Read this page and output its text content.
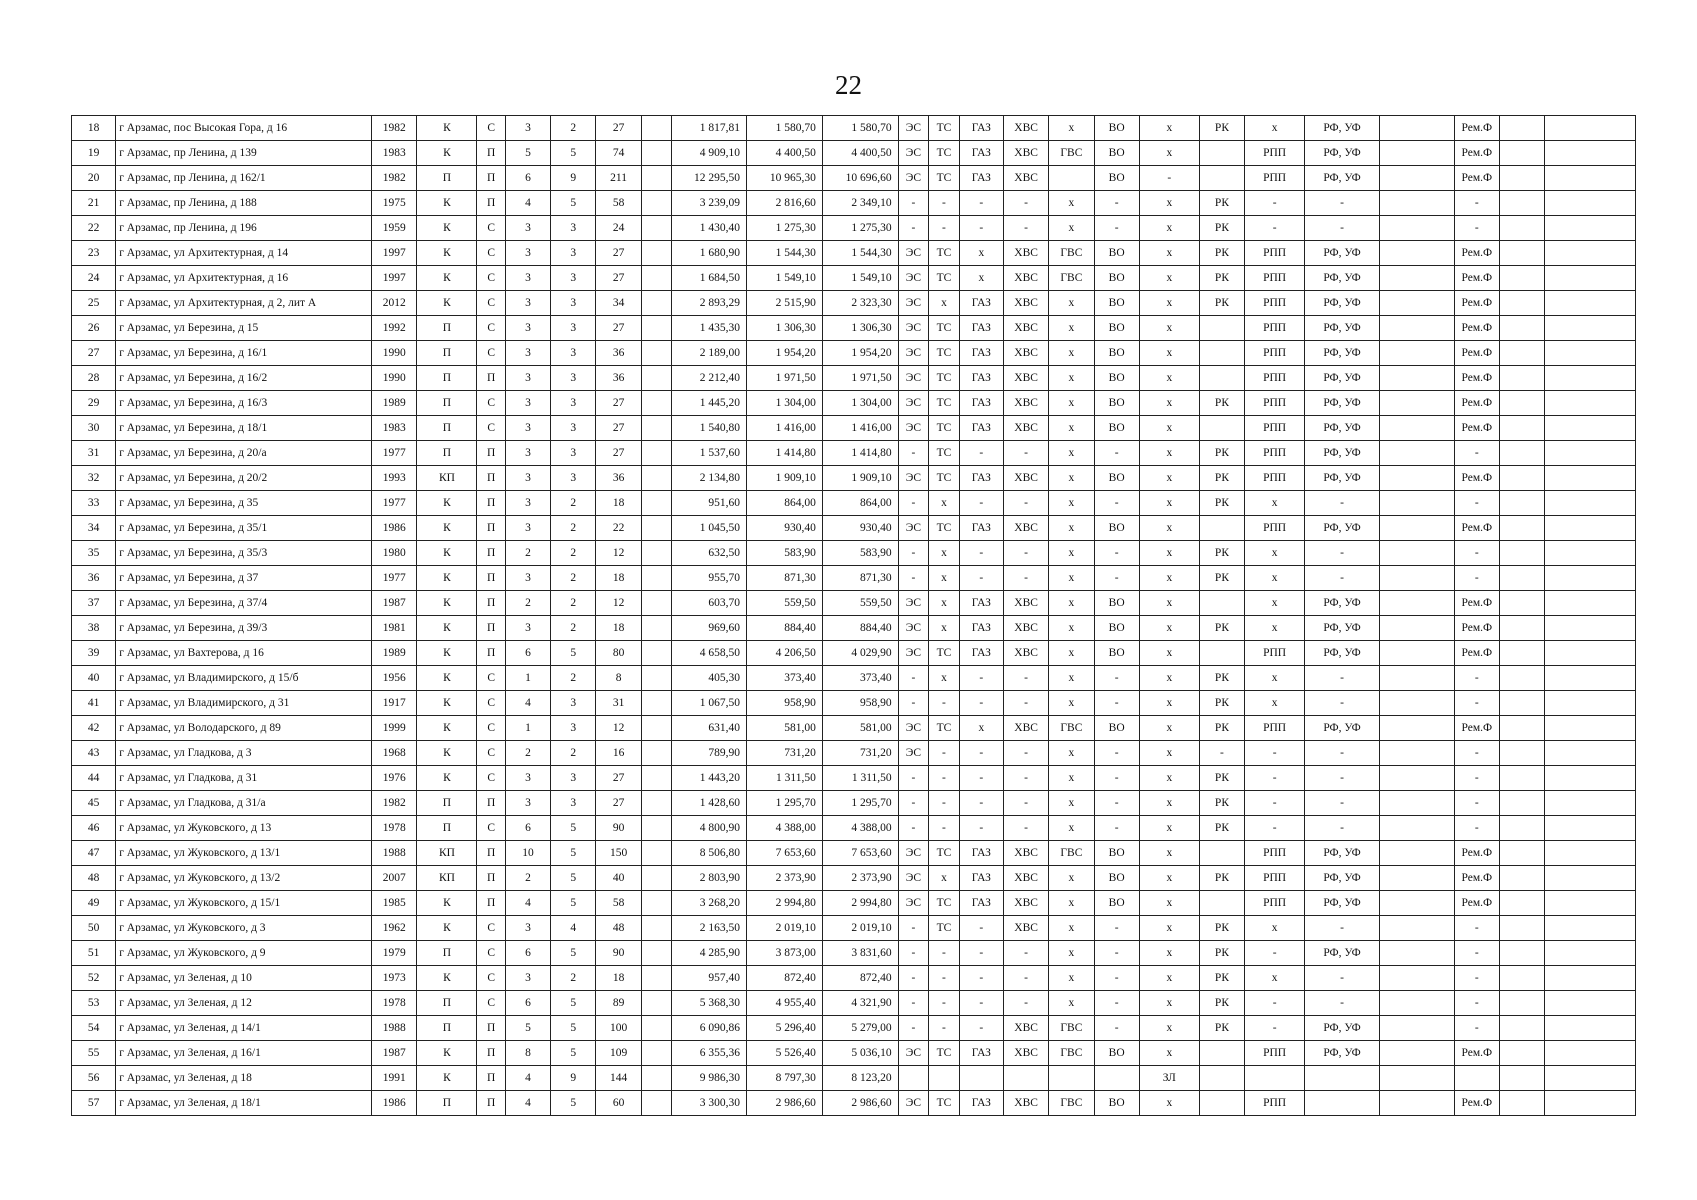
22
18	г Арзамас, пос Высокая Гора, д 16	1982	К	С	3	2	27		1 817,81	1 580,70	1 580,70	ЭС	ТС	ГАЗ	ХВС	х	ВО	х	РК	х	РФ, УФ		Рем.Ф		
19	г Арзамас, пр Ленина, д 139	1983	К	П	5	5	74		4 909,10	4 400,50	4 400,50	ЭС	ТС	ГАЗ	ХВС	ГВС	ВО	х		РПП	РФ, УФ		Рем.Ф		
20	г Арзамас, пр Ленина, д 162/1	1982	П	П	6	9	211		12 295,50	10 965,30	10 696,60	ЭС	ТС	ГАЗ	ХВС		ВО	-		РПП	РФ, УФ		Рем.Ф		
21	г Арзамас, пр Ленина, д 188	1975	К	П	4	5	58		3 239,09	2 816,60	2 349,10	-	-	-	-	х	-	х	РК	-	-		-		
22	г Арзамас, пр Ленина, д 196	1959	К	С	3	3	24		1 430,40	1 275,30	1 275,30	-	-	-	-	х	-	х	РК	-	-		-		
23	г Арзамас, ул Архитектурная, д 14	1997	К	С	3	3	27		1 680,90	1 544,30	1 544,30	ЭС	ТС	х	ХВС	ГВС	ВО	х	РК	РПП	РФ, УФ		Рем.Ф		
24	г Арзамас, ул Архитектурная, д 16	1997	К	С	3	3	27		1 684,50	1 549,10	1 549,10	ЭС	ТС	х	ХВС	ГВС	ВО	х	РК	РПП	РФ, УФ		Рем.Ф		
25	г Арзамас, ул Архитектурная, д 2, лит А	2012	К	С	3	3	34		2 893,29	2 515,90	2 323,30	ЭС	х	ГАЗ	ХВС	х	ВО	х	РК	РПП	РФ, УФ		Рем.Ф		
26	г Арзамас, ул Березина, д 15	1992	П	С	3	3	27		1 435,30	1 306,30	1 306,30	ЭС	ТС	ГАЗ	ХВС	х	ВО	х		РПП	РФ, УФ		Рем.Ф		
27	г Арзамас, ул Березина, д 16/1	1990	П	С	3	3	36		2 189,00	1 954,20	1 954,20	ЭС	ТС	ГАЗ	ХВС	х	ВО	х		РПП	РФ, УФ		Рем.Ф		
28	г Арзамас, ул Березина, д 16/2	1990	П	П	3	3	36		2 212,40	1 971,50	1 971,50	ЭС	ТС	ГАЗ	ХВС	х	ВО	х		РПП	РФ, УФ		Рем.Ф		
29	г Арзамас, ул Березина, д 16/3	1989	П	С	3	3	27		1 445,20	1 304,00	1 304,00	ЭС	ТС	ГАЗ	ХВС	х	ВО	х	РК	РПП	РФ, УФ		Рем.Ф		
30	г Арзамас, ул Березина, д 18/1	1983	П	С	3	3	27		1 540,80	1 416,00	1 416,00	ЭС	ТС	ГАЗ	ХВС	х	ВО	х		РПП	РФ, УФ		Рем.Ф		
31	г Арзамас, ул Березина, д 20/а	1977	П	П	3	3	27		1 537,60	1 414,80	1 414,80	-	ТС	-	-	х	-	х	РК	РПП	РФ, УФ		-		
32	г Арзамас, ул Березина, д 20/2	1993	КП	П	3	3	36		2 134,80	1 909,10	1 909,10	ЭС	ТС	ГАЗ	ХВС	х	ВО	х	РК	РПП	РФ, УФ		Рем.Ф		
33	г Арзамас, ул Березина, д 35	1977	К	П	3	2	18		951,60	864,00	864,00	-	х	-	-	х	-	х	РК	х	-		-		
34	г Арзамас, ул Березина, д 35/1	1986	К	П	3	2	22		1 045,50	930,40	930,40	ЭС	ТС	ГАЗ	ХВС	х	ВО	х		РПП	РФ, УФ		Рем.Ф		
35	г Арзамас, ул Березина, д 35/3	1980	К	П	2	2	12		632,50	583,90	583,90	-	х	-	-	х	-	х	РК	х	-		-		
36	г Арзамас, ул Березина, д 37	1977	К	П	3	2	18		955,70	871,30	871,30	-	х	-	-	х	-	х	РК	х	-		-		
37	г Арзамас, ул Березина, д 37/4	1987	К	П	2	2	12		603,70	559,50	559,50	ЭС	х	ГАЗ	ХВС	х	ВО	х		х	РФ, УФ		Рем.Ф		
38	г Арзамас, ул Березина, д 39/3	1981	К	П	3	2	18		969,60	884,40	884,40	ЭС	х	ГАЗ	ХВС	х	ВО	х	РК	х	РФ, УФ		Рем.Ф		
39	г Арзамас, ул Вахтерова, д 16	1989	К	П	6	5	80		4 658,50	4 206,50	4 029,90	ЭС	ТС	ГАЗ	ХВС	х	ВО	х		РПП	РФ, УФ		Рем.Ф		
40	г Арзамас, ул Владимирского, д 15/б	1956	К	С	1	2	8		405,30	373,40	373,40	-	х	-	-	х	-	х	РК	х	-		-		
41	г Арзамас, ул Владимирского, д 31	1917	К	С	4	3	31		1 067,50	958,90	958,90	-	-	-	-	х	-	х	РК	х	-		-		
42	г Арзамас, ул Володарского, д 89	1999	К	С	1	3	12		631,40	581,00	581,00	ЭС	ТС	х	ХВС	ГВС	ВО	х	РК	РПП	РФ, УФ		Рем.Ф		
43	г Арзамас, ул Гладкова, д 3	1968	К	С	2	2	16		789,90	731,20	731,20	ЭС	-	-	-	х	-	х	-	-	-		-		
44	г Арзамас, ул Гладкова, д 31	1976	К	С	3	3	27		1 443,20	1 311,50	1 311,50	-	-	-	-	х	-	х	РК	-	-		-		
45	г Арзамас, ул Гладкова, д 31/а	1982	П	П	3	3	27		1 428,60	1 295,70	1 295,70	-	-	-	-	х	-	х	РК	-	-		-		
46	г Арзамас, ул Жуковского, д 13	1978	П	С	6	5	90		4 800,90	4 388,00	4 388,00	-	-	-	-	х	-	х	РК	-	-		-		
47	г Арзамас, ул Жуковского, д 13/1	1988	КП	П	10	5	150		8 506,80	7 653,60	7 653,60	ЭС	ТС	ГАЗ	ХВС	ГВС	ВО	х		РПП	РФ, УФ		Рем.Ф		
48	г Арзамас, ул Жуковского, д 13/2	2007	КП	П	2	5	40		2 803,90	2 373,90	2 373,90	ЭС	х	ГАЗ	ХВС	х	ВО	х	РК	РПП	РФ, УФ		Рем.Ф		
49	г Арзамас, ул Жуковского, д 15/1	1985	К	П	4	5	58		3 268,20	2 994,80	2 994,80	ЭС	ТС	ГАЗ	ХВС	х	ВО	х		РПП	РФ, УФ		Рем.Ф		
50	г Арзамас, ул Жуковского, д 3	1962	К	С	3	4	48		2 163,50	2 019,10	2 019,10	-	ТС	-	ХВС	х	-	х	РК	х	-		-		
51	г Арзамас, ул Жуковского, д 9	1979	П	С	6	5	90		4 285,90	3 873,00	3 831,60	-	-	-	-	х	-	х	РК	-	РФ, УФ		-		
52	г Арзамас, ул Зеленая, д 10	1973	К	С	3	2	18		957,40	872,40	872,40	-	-	-	-	х	-	х	РК	х	-		-		
53	г Арзамас, ул Зеленая, д 12	1978	П	С	6	5	89		5 368,30	4 955,40	4 321,90	-	-	-	-	х	-	х	РК	-	-		-		
54	г Арзамас, ул Зеленая, д 14/1	1988	П	П	5	5	100		6 090,86	5 296,40	5 279,00	-	-	-	ХВС	ГВС	-	х	РК	-	РФ, УФ		-		
55	г Арзамас, ул Зеленая, д 16/1	1987	К	П	8	5	109		6 355,36	5 526,40	5 036,10	ЭС	ТС	ГАЗ	ХВС	ГВС	ВО	х		РПП	РФ, УФ		Рем.Ф		
56	г Арзамас, ул Зеленая, д 18	1991	К	П	4	9	144		9 986,30	8 797,30	8 123,20							ЗЛ							
57	г Арзамас, ул Зеленая, д 18/1	1986	П	П	4	5	60		3 300,30	2 986,60	2 986,60	ЭС	ТС	ГАЗ	ХВС	ГВС	ВО	х		РПП			Рем.Ф		
